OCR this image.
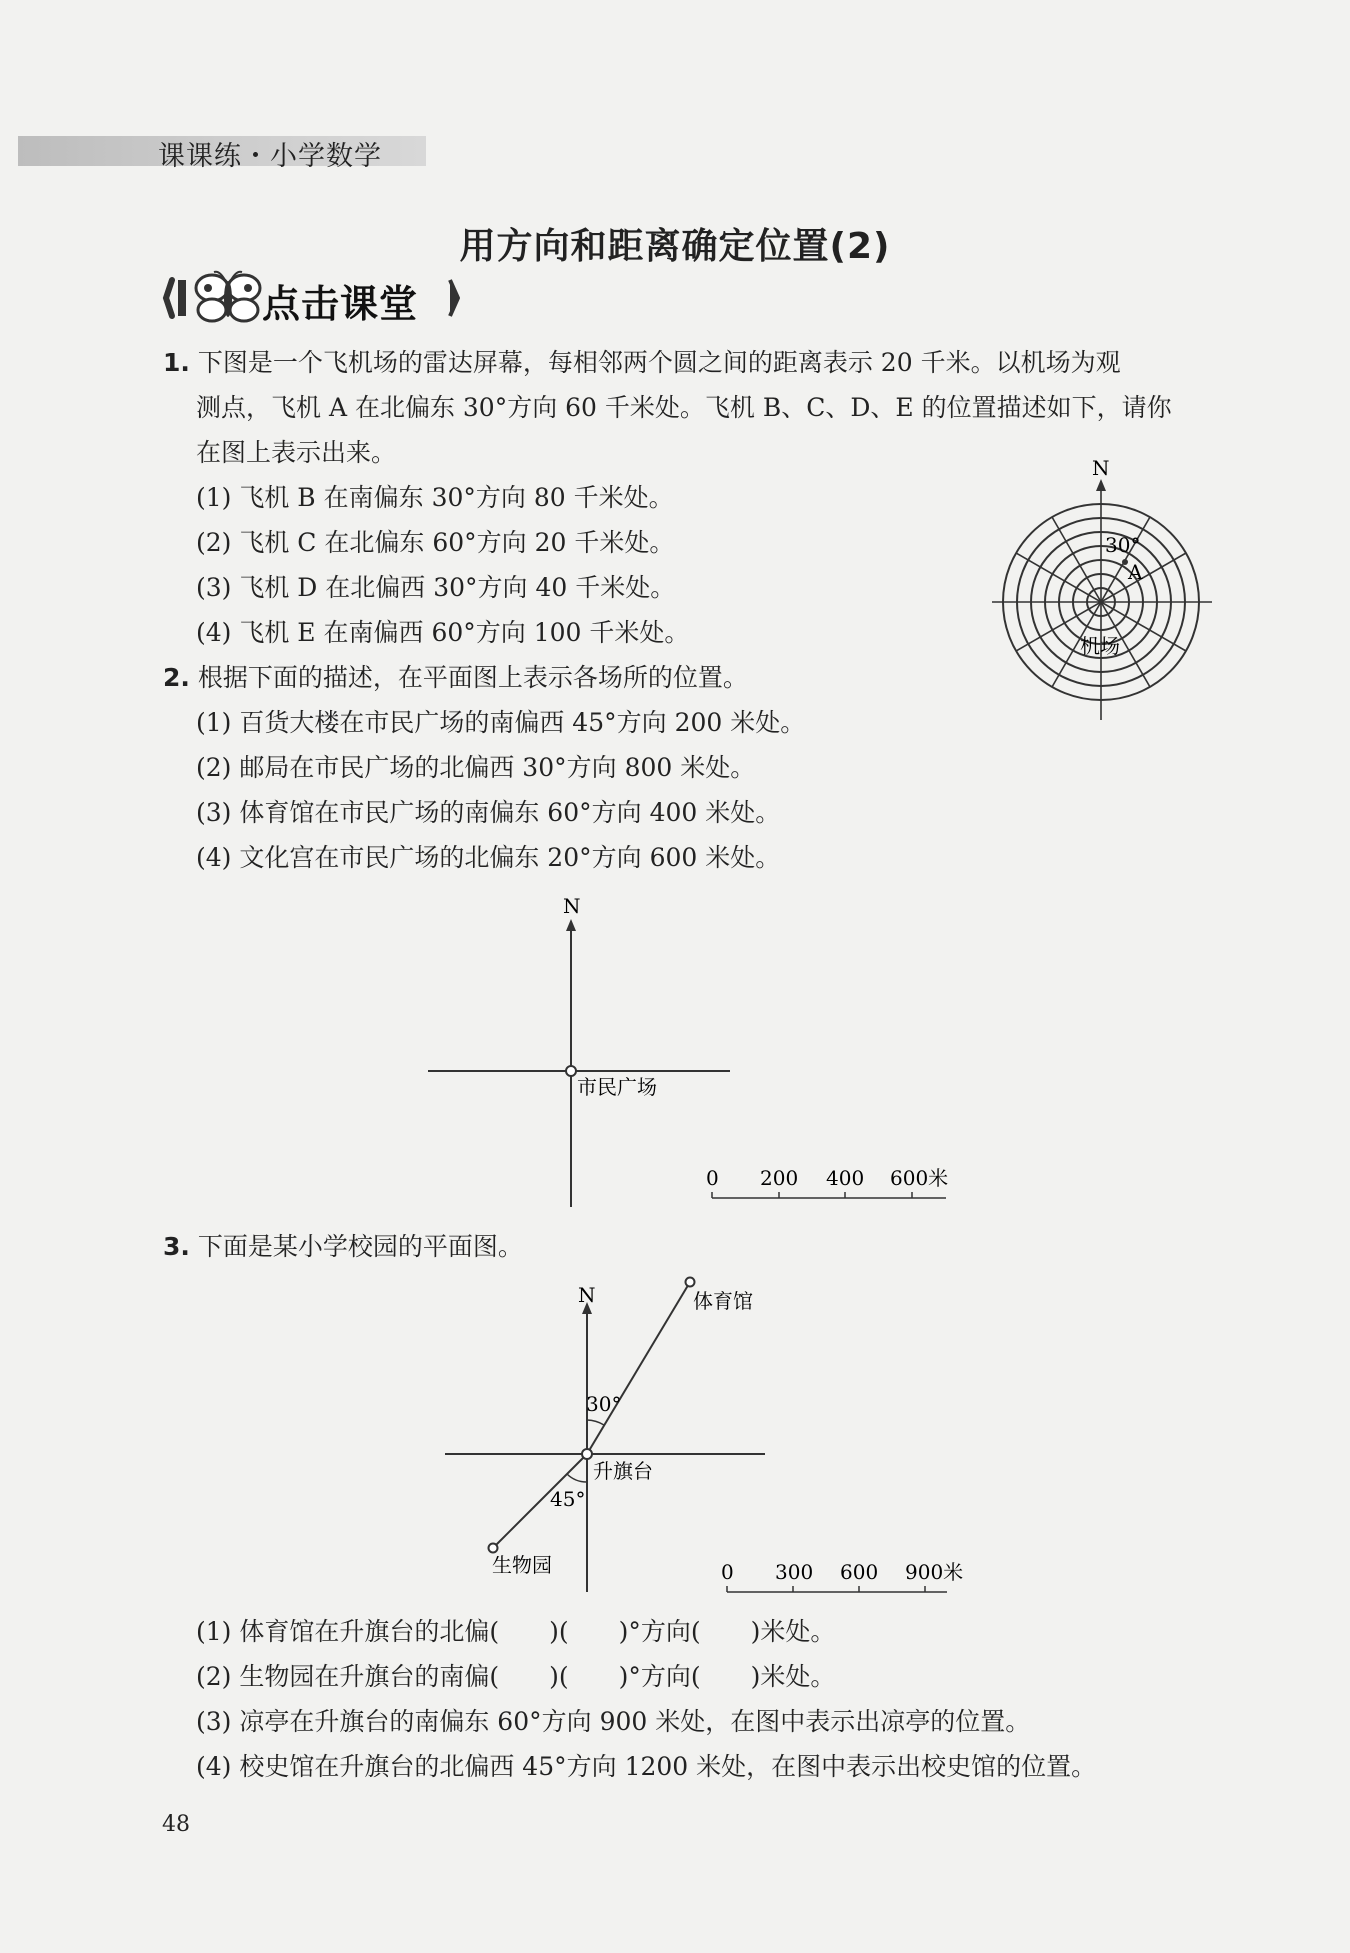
课课练・小学数学
用方向和距离确定位置(2)
点击课堂
1. 下图是一个飞机场的雷达屏幕，每相邻两个圆之间的距离表示 20 千米。以机场为观
测点，飞机 A 在北偏东 30°方向 60 千米处。飞机 B、C、D、E 的位置描述如下，请你
在图上表示出来。
(1) 飞机 B 在南偏东 30°方向 80 千米处。
(2) 飞机 C 在北偏东 60°方向 20 千米处。
(3) 飞机 D 在北偏西 30°方向 40 千米处。
(4) 飞机 E 在南偏西 60°方向 100 千米处。
N
30°
A
机场
2. 根据下面的描述，在平面图上表示各场所的位置。
(1) 百货大楼在市民广场的南偏西 45°方向 200 米处。
(2) 邮局在市民广场的北偏西 30°方向 800 米处。
(3) 体育馆在市民广场的南偏东 60°方向 400 米处。
(4) 文化宫在市民广场的北偏东 20°方向 600 米处。
N
市民广场
0 200 400 600米
3. 下面是某小学校园的平面图。
N	体育馆
30°
升旗台
45°
生物园	0 300 600 900米
(1) 体育馆在升旗台的北偏(　　)(　　)°方向(　　)米处。
(2) 生物园在升旗台的南偏(　　)(　　)°方向(　　)米处。
(3) 凉亭在升旗台的南偏东 60°方向 900 米处，在图中表示出凉亭的位置。
(4) 校史馆在升旗台的北偏西 45°方向 1200 米处，在图中表示出校史馆的位置。
48
